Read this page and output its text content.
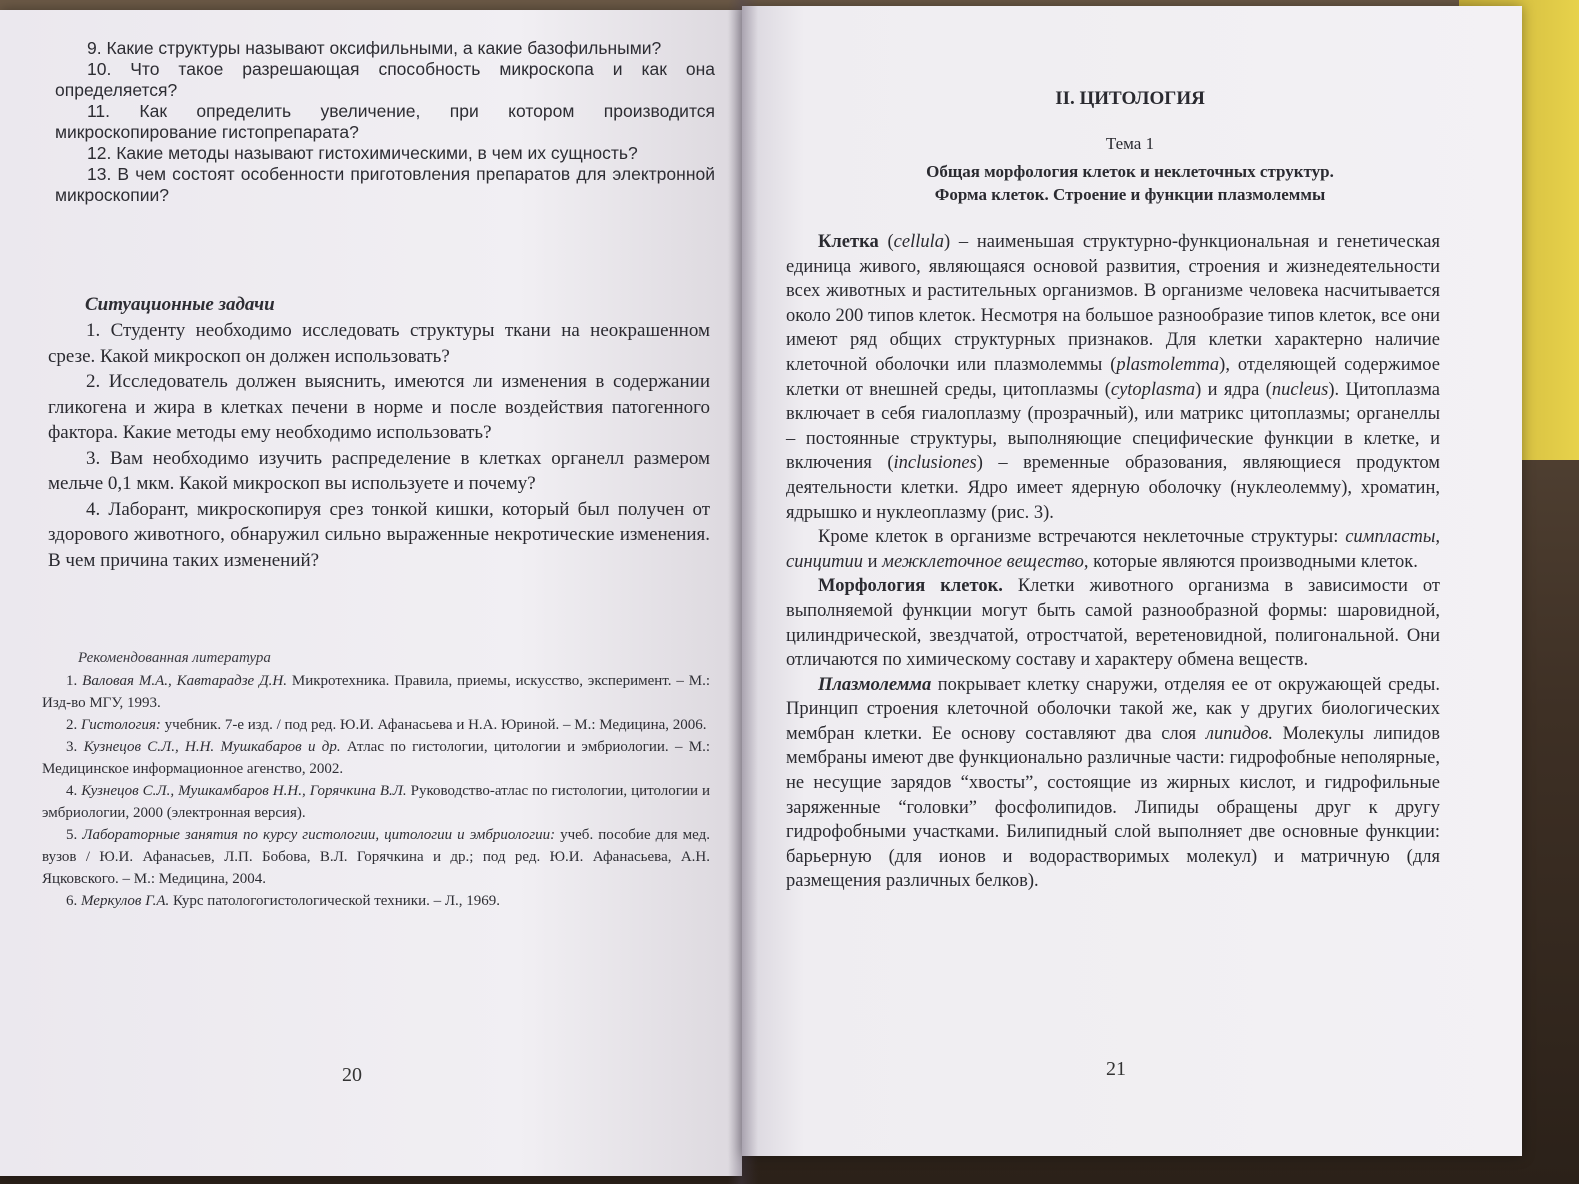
9. Какие структуры называют оксифильными, а какие базофильными?

10. Что такое разрешающая способность микроскопа и как она определяется?

11. Как определить увеличение, при котором производится микроскопирование гистопрепарата?

12. Какие методы называют гистохимическими, в чем их сущность?

13. В чем состоят особенности приготовления препаратов для электронной микроскопии?

Ситуационные задачи

1. Студенту необходимо исследовать структуры ткани на неокрашенном срезе. Какой микроскоп он должен использовать?

2. Исследователь должен выяснить, имеются ли изменения в содержании гликогена и жира в клетках печени в норме и после воздействия патогенного фактора. Какие методы ему необходимо использовать?

3. Вам необходимо изучить распределение в клетках органелл размером мельче 0,1 мкм. Какой микроскоп вы используете и почему?

4. Лаборант, микроскопируя срез тонкой кишки, который был получен от здорового животного, обнаружил сильно выраженные некротические изменения. В чем причина таких изменений?

Рекомендованная литература

1. Валовая М.А., Кавтарадзе Д.Н. Микротехника. Правила, приемы, искусство, эксперимент. – М.: Изд-во МГУ, 1993.

2. Гистология: учебник. 7-е изд. / под ред. Ю.И. Афанасьева и Н.А. Юриной. – М.: Медицина, 2006.

3. Кузнецов С.Л., Н.Н. Мушкабаров и др. Атлас по гистологии, цитологии и эмбриологии. – М.: Медицинское информационное агенство, 2002.

4. Кузнецов С.Л., Мушкамбаров Н.Н., Горячкина В.Л. Руководство-атлас по гистологии, цитологии и эмбриологии, 2000 (электронная версия).

5. Лабораторные занятия по курсу гистологии, цитологии и эмбриологии: учеб. пособие для мед. вузов / Ю.И. Афанасьев, Л.П. Бобова, В.Л. Горячкина и др.; под ред. Ю.И. Афанасьева, А.Н. Яцковского. – М.: Медицина, 2004.

6. Меркулов Г.А. Курс патологогистологической техники. – Л., 1969.

20
II. ЦИТОЛОГИЯ
Тема 1
Общая морфология клеток и неклеточных структур.
Форма клеток. Строение и функции плазмолеммы

Клетка (cellula) – наименьшая структурно-функциональная и генетическая единица живого, являющаяся основой развития, строения и жизнедеятельности всех животных и растительных организмов. В организме человека насчитывается около 200 типов клеток. Несмотря на большое разнообразие типов клеток, все они имеют ряд общих структурных признаков. Для клетки характерно наличие клеточной оболочки или плазмолеммы (plasmolemma), отделяющей содержимое клетки от внешней среды, цитоплазмы (cytoplasma) и ядра (nucleus). Цитоплазма включает в себя гиалоплазму (прозрачный), или матрикс цитоплазмы; органеллы – постоянные структуры, выполняющие специфические функции в клетке, и включения (inclusiones) – временные образования, являющиеся продуктом деятельности клетки. Ядро имеет ядерную оболочку (нуклеолемму), хроматин, ядрышко и нуклеоплазму (рис. 3).

Кроме клеток в организме встречаются неклеточные структуры: симпласты, синцитии и межклеточное вещество, которые являются производными клеток.

Морфология клеток. Клетки животного организма в зависимости от выполняемой функции могут быть самой разнообразной формы: шаровидной, цилиндрической, звездчатой, отростчатой, веретеновидной, полигональной. Они отличаются по химическому составу и характеру обмена веществ.

Плазмолемма покрывает клетку снаружи, отделяя ее от окружающей среды. Принцип строения клеточной оболочки такой же, как у других биологических мембран клетки. Ее основу составляют два слоя липидов. Молекулы липидов мембраны имеют две функционально различные части: гидрофобные неполярные, не несущие зарядов “хвосты”, состоящие из жирных кислот, и гидрофильные заряженные “головки” фосфолипидов. Липиды обращены друг к другу гидрофобными участками. Билипидный слой выполняет две основные функции: барьерную (для ионов и водорастворимых молекул) и матричную (для размещения различных белков).

21
